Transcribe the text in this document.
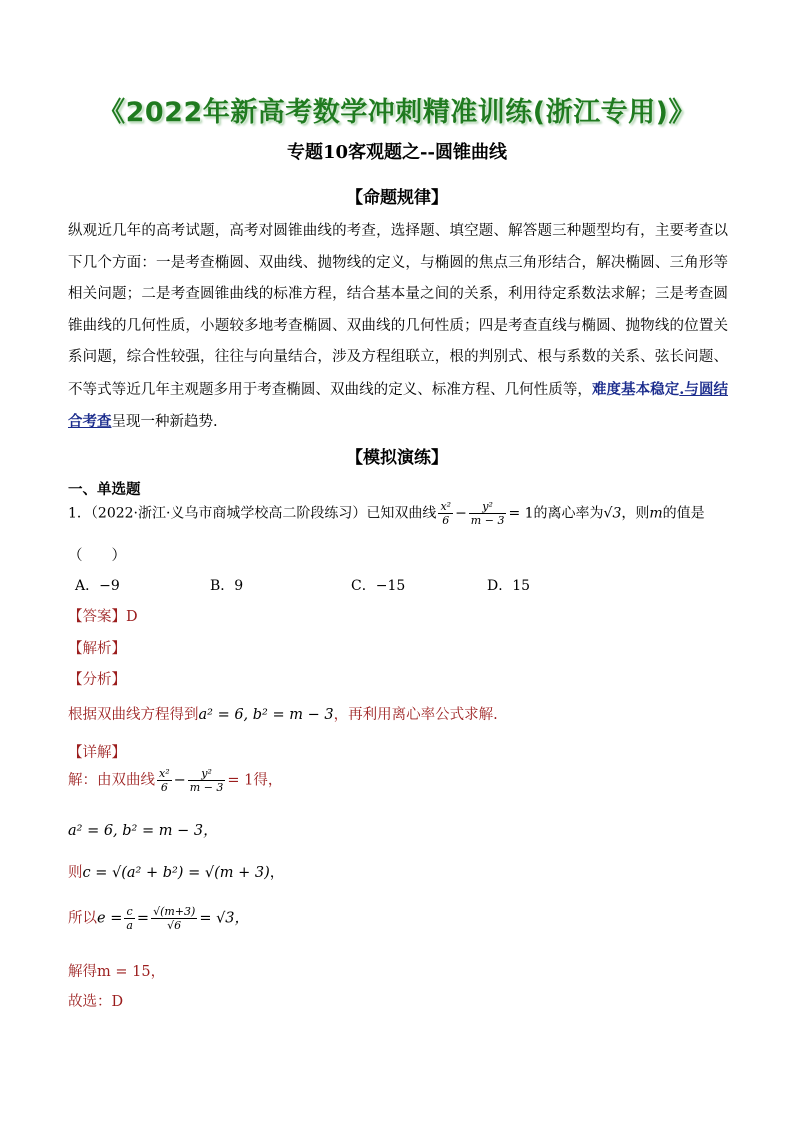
《2022年新高考数学冲刺精准训练(浙江专用)》
专题10客观题之--圆锥曲线
【命题规律】
纵观近几年的高考试题，高考对圆锥曲线的考查，选择题、填空题、解答题三种题型均有，主要考查以下几个方面：一是考查椭圆、双曲线、抛物线的定义，与椭圆的焦点三角形结合，解决椭圆、三角形等相关问题；二是考查圆锥曲线的标准方程，结合基本量之间的关系，利用待定系数法求解；三是考查圆锥曲线的几何性质，小题较多地考查椭圆、双曲线的几何性质；四是考查直线与椭圆、抛物线的位置关系问题，综合性较强，往往与向量结合，涉及方程组联立，根的判别式、根与系数的关系、弦长问题、不等式等近几年主观题多用于考查椭圆、双曲线的定义、标准方程、几何性质等，难度基本稳定.与圆结合考查呈现一种新趋势.
【模拟演练】
一、单选题
1．（2022·浙江·义乌市商城学校高二阶段练习）已知双曲线 $\frac{\text{x²}}{6} - \frac{\text{y²}}{m - 3} = 1$的离心率为√3，则m的值是
（　　）
A．−9	B．9	C．−15	D．15
【答案】D
【解析】
【分析】
根据双曲线方程得到a² = 6, b² = m − 3，再利用离心率公式求解.
【详解】
解：由双曲线 $\frac{\text{x²}}{6} - \frac{\text{y²}}{m - 3} = 1$得，
a² = 6, b² = m − 3，
则c = √(a² + b²) = √(m + 3)，
所以$e = \frac{c}{a} = \frac{√(m+3)}{√6} = √3$，
解得m = 15，
故选：D
